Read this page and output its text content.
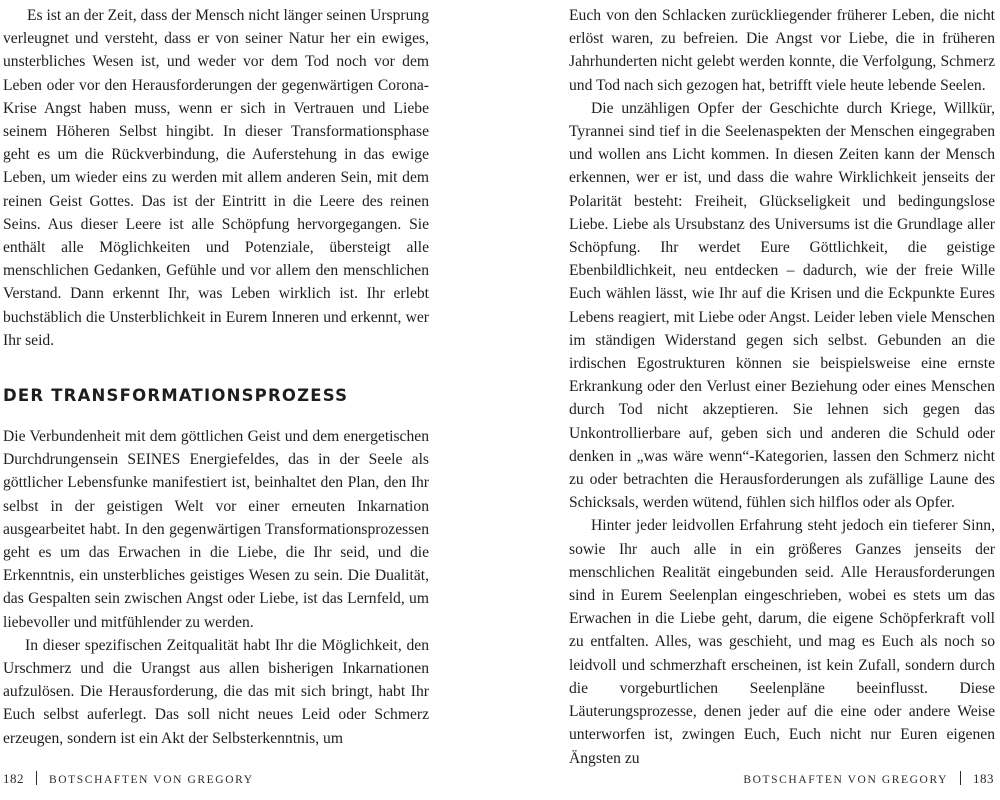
Es ist an der Zeit, dass der Mensch nicht länger seinen Ursprung verleugnet und versteht, dass er von seiner Natur her ein ewiges, unsterbliches Wesen ist, und weder vor dem Tod noch vor dem Leben oder vor den Herausforderungen der gegenwärtigen Corona-Krise Angst haben muss, wenn er sich in Vertrauen und Liebe seinem Höheren Selbst hingibt. In dieser Transformationsphase geht es um die Rückverbindung, die Auferstehung in das ewige Leben, um wieder eins zu werden mit allem anderen Sein, mit dem reinen Geist Gottes. Das ist der Eintritt in die Leere des reinen Seins. Aus dieser Leere ist alle Schöpfung hervorgegangen. Sie enthält alle Möglichkeiten und Potenziale, übersteigt alle menschlichen Gedanken, Gefühle und vor allem den menschlichen Verstand. Dann erkennt Ihr, was Leben wirklich ist. Ihr erlebt buchstäblich die Unsterblichkeit in Eurem Inneren und erkennt, wer Ihr seid.

DER TRANSFORMATIONSPROZESS

Die Verbundenheit mit dem göttlichen Geist und dem energetischen Durchdrungensein SEINES Energiefeldes, das in der Seele als göttlicher Lebensfunke manifestiert ist, beinhaltet den Plan, den Ihr selbst in der geistigen Welt vor einer erneuten Inkarnation ausgearbeitet habt. In den gegenwärtigen Transformationsprozessen geht es um das Erwachen in die Liebe, die Ihr seid, und die Erkenntnis, ein unsterbliches geistiges Wesen zu sein. Die Dualität, das Gespalten sein zwischen Angst oder Liebe, ist das Lernfeld, um liebevoller und mitfühlender zu werden.

In dieser spezifischen Zeitqualität habt Ihr die Möglichkeit, den Urschmerz und die Urangst aus allen bisherigen Inkarnationen aufzulösen. Die Herausforderung, die das mit sich bringt, habt Ihr Euch selbst auferlegt. Das soll nicht neues Leid oder Schmerz erzeugen, sondern ist ein Akt der Selbsterkenntnis, um

182 BOTSCHAFTEN VON GREGORY

Euch von den Schlacken zurückliegender früherer Leben, die nicht erlöst waren, zu befreien. Die Angst vor Liebe, die in früheren Jahrhunderten nicht gelebt werden konnte, die Verfolgung, Schmerz und Tod nach sich gezogen hat, betrifft viele heute lebende Seelen.

Die unzähligen Opfer der Geschichte durch Kriege, Willkür, Tyrannei sind tief in die Seelenaspekten der Menschen eingegraben und wollen ans Licht kommen. In diesen Zeiten kann der Mensch erkennen, wer er ist, und dass die wahre Wirklichkeit jenseits der Polarität besteht: Freiheit, Glückseligkeit und bedingungslose Liebe. Liebe als Ursubstanz des Universums ist die Grundlage aller Schöpfung. Ihr werdet Eure Göttlichkeit, die geistige Ebenbildlichkeit, neu entdecken – dadurch, wie der freie Wille Euch wählen lässt, wie Ihr auf die Krisen und die Eckpunkte Eures Lebens reagiert, mit Liebe oder Angst. Leider leben viele Menschen im ständigen Widerstand gegen sich selbst. Gebunden an die irdischen Egostrukturen können sie beispielsweise eine ernste Erkrankung oder den Verlust einer Beziehung oder eines Menschen durch Tod nicht akzeptieren. Sie lehnen sich gegen das Unkontrollierbare auf, geben sich und anderen die Schuld oder denken in „was wäre wenn“-Kategorien, lassen den Schmerz nicht zu oder betrachten die Herausforderungen als zufällige Laune des Schicksals, werden wütend, fühlen sich hilflos oder als Opfer.

Hinter jeder leidvollen Erfahrung steht jedoch ein tieferer Sinn, sowie Ihr auch alle in ein größeres Ganzes jenseits der menschlichen Realität eingebunden seid. Alle Herausforderungen sind in Eurem Seelenplan eingeschrieben, wobei es stets um das Erwachen in die Liebe geht, darum, die eigene Schöpferkraft voll zu entfalten. Alles, was geschieht, und mag es Euch als noch so leidvoll und schmerzhaft erscheinen, ist kein Zufall, sondern durch die vorgeburtlichen Seelenpläne beeinflusst. Diese Läuterungsprozesse, denen jeder auf die eine oder andere Weise unterworfen ist, zwingen Euch, Euch nicht nur Euren eigenen Ängsten zu

BOTSCHAFTEN VON GREGORY 183
